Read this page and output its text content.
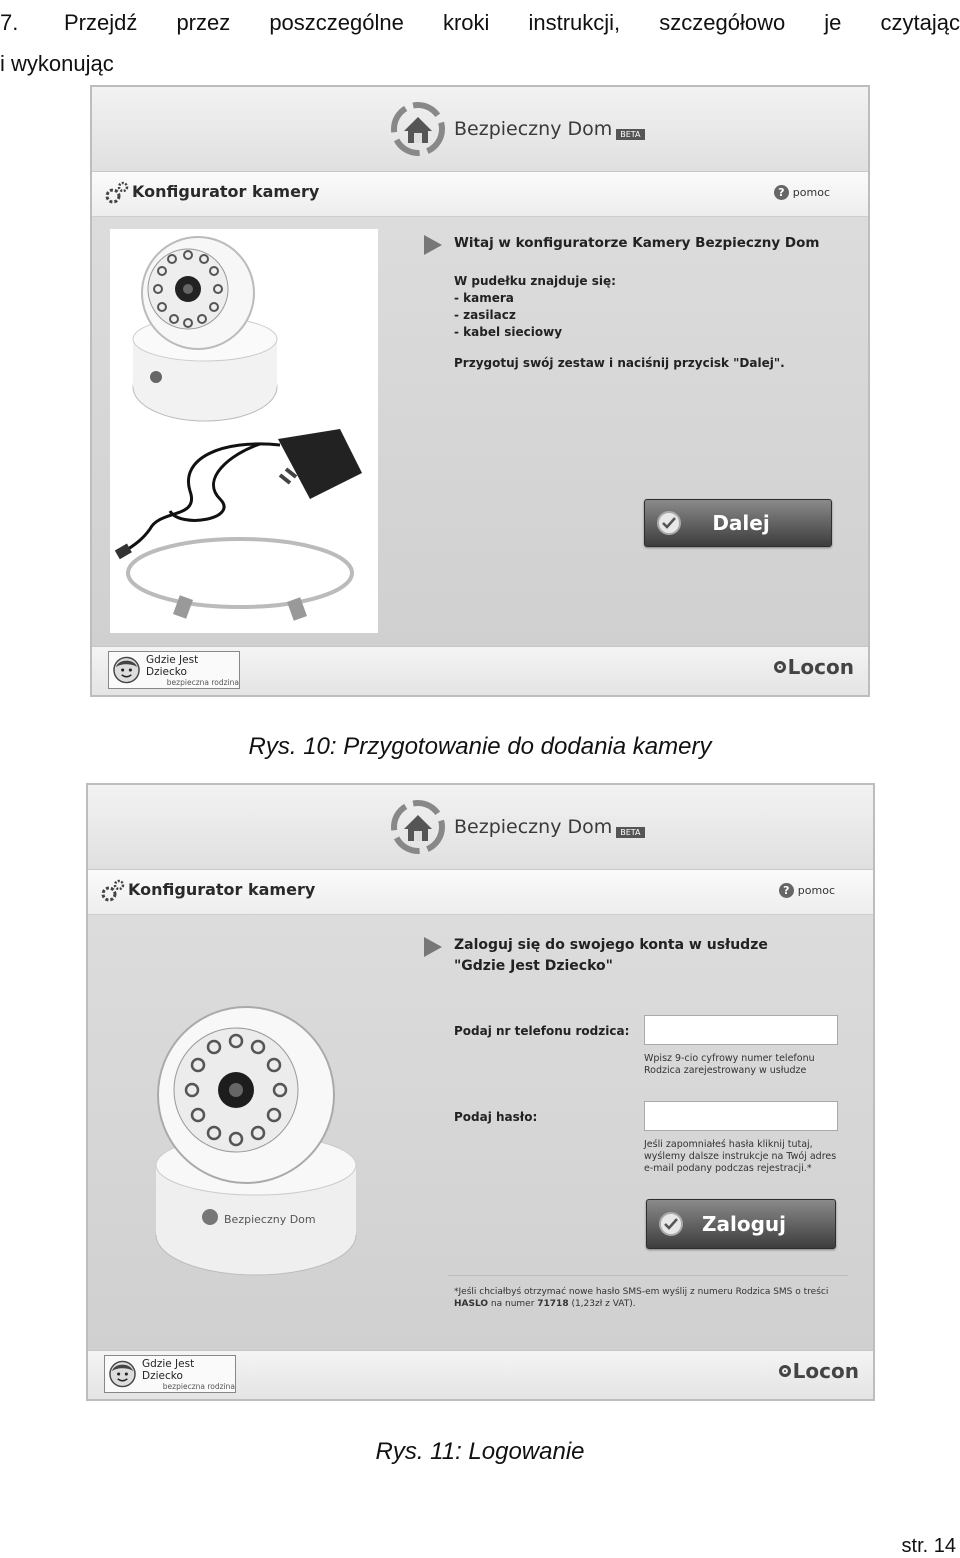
7.	Przejdź przez poszczególne kroki instrukcji, szczegółowo je czytając
i wykonując
Bezpieczny Dom BETA
Konfigurator kamery	? pomoc
Witaj w konfiguratorze Kamery Bezpieczny Dom
W pudełku znajduje się:
- kamera
- zasilacz
- kabel sieciowy
Przygotuj swój zestaw i naciśnij przycisk "Dalej".
Dalej
Gdzie Jest Dziecko
bezpieczna rodzina
Locon
Rys. 10: Przygotowanie do dodania kamery
Bezpieczny Dom BETA
Konfigurator kamery	? pomoc
Bezpieczny Dom
Zaloguj się do swojego konta w usłudze
"Gdzie Jest Dziecko"
Podaj nr telefonu rodzica:
Wpisz 9-cio cyfrowy numer telefonu Rodzica zarejestrowany w usłudze
Podaj hasło:
Jeśli zapomniałeś hasła kliknij tutaj, wyślemy dalsze instrukcje na Twój adres e-mail podany podczas rejestracji.*
Zaloguj
*Jeśli chciałbyś otrzymać nowe hasło SMS-em wyślij z numeru Rodzica SMS o treści
HASLO na numer 71718 (1,23zł z VAT).
Gdzie Jest Dziecko
bezpieczna rodzina
Locon
Rys. 11: Logowanie
str. 14
